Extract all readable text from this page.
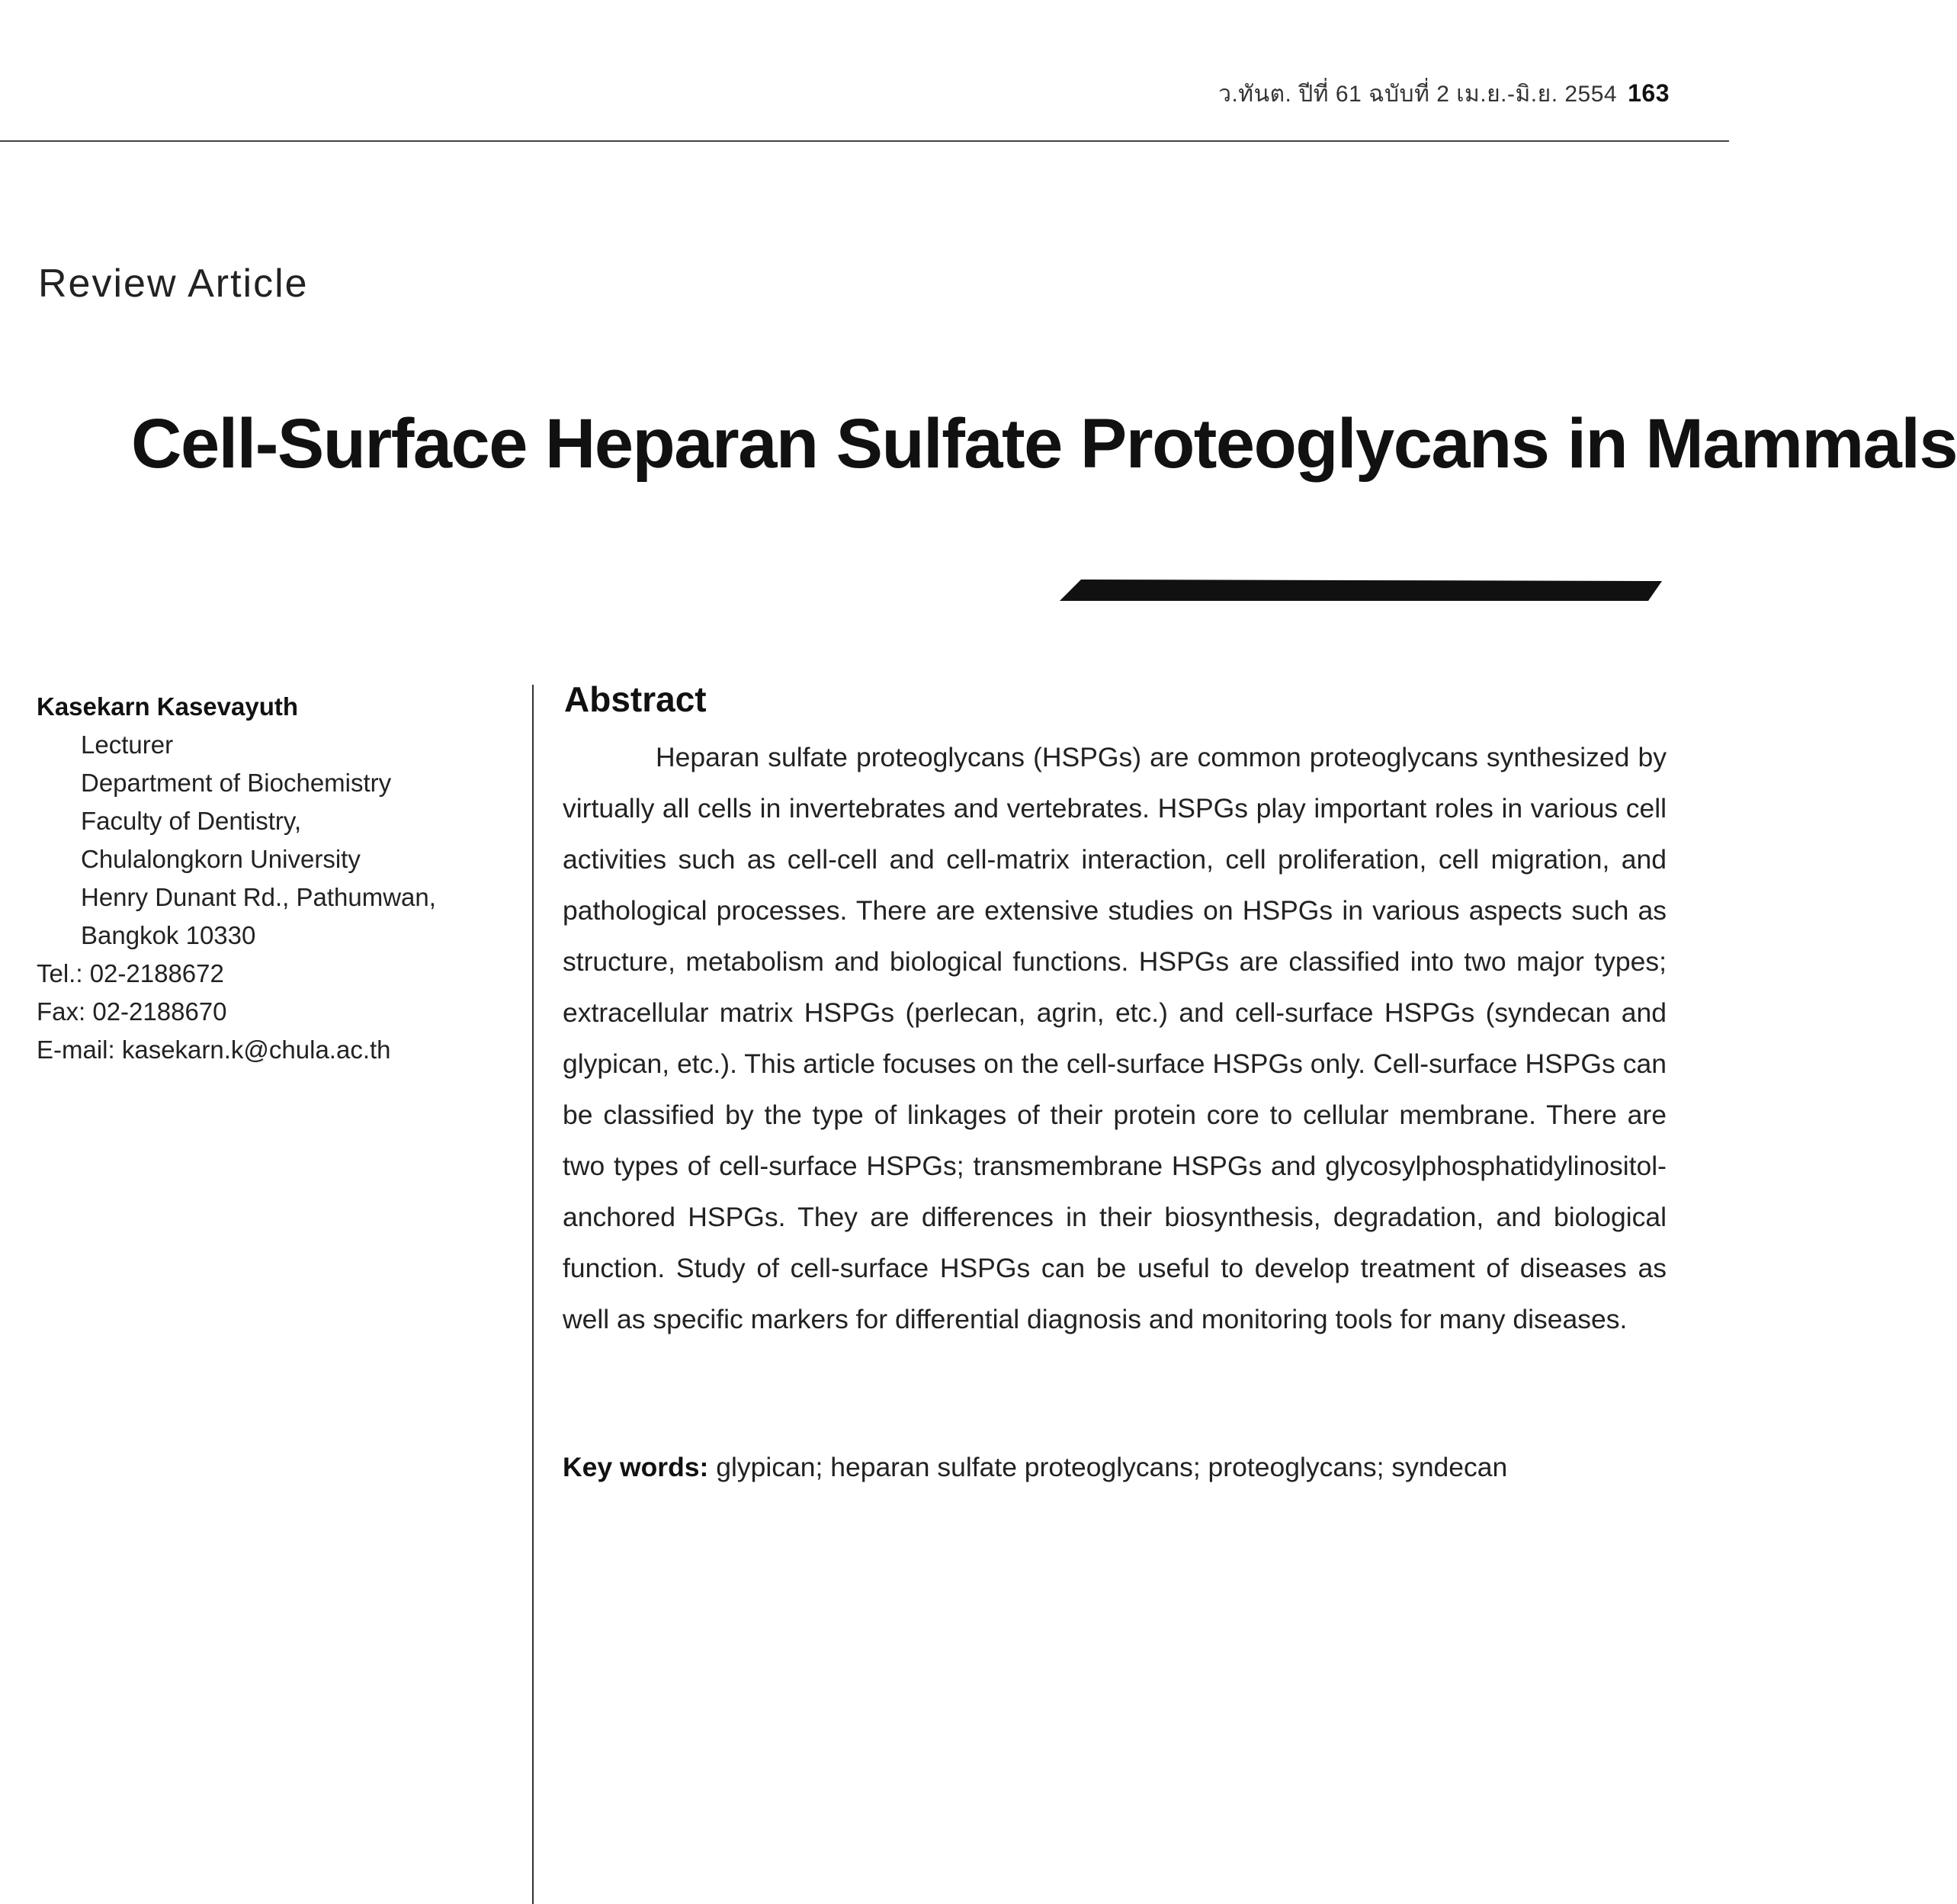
ว.ทันต. ปีที่ 61 ฉบับที่ 2 เม.ย.-มิ.ย. 2554 163
Review Article
Cell-Surface Heparan Sulfate Proteoglycans in Mammals
Kasekarn Kasevayuth
Lecturer
Department of Biochemistry
Faculty of Dentistry,
Chulalongkorn University
Henry Dunant Rd., Pathumwan,
Bangkok 10330
Tel.: 02-2188672
Fax: 02-2188670
E-mail: kasekarn.k@chula.ac.th
Abstract

Heparan sulfate proteoglycans (HSPGs) are common proteoglycans synthesized by virtually all cells in invertebrates and vertebrates. HSPGs play important roles in various cell activities such as cell-cell and cell-matrix interaction, cell proliferation, cell migration, and pathological processes. There are extensive studies on HSPGs in various aspects such as structure, metabolism and biological functions. HSPGs are classified into two major types; extracellular matrix HSPGs (perlecan, agrin, etc.) and cell-surface HSPGs (syndecan and glypican, etc.). This article focuses on the cell-surface HSPGs only. Cell-surface HSPGs can be classified by the type of linkages of their protein core to cellular membrane. There are two types of cell-surface HSPGs; transmembrane HSPGs and glycosylphosphatidylinositol-anchored HSPGs. They are differences in their biosynthesis, degradation, and biological function. Study of cell-surface HSPGs can be useful to develop treatment of diseases as well as specific markers for differential diagnosis and monitoring tools for many diseases.

Key words: glypican; heparan sulfate proteoglycans; proteoglycans; syndecan
